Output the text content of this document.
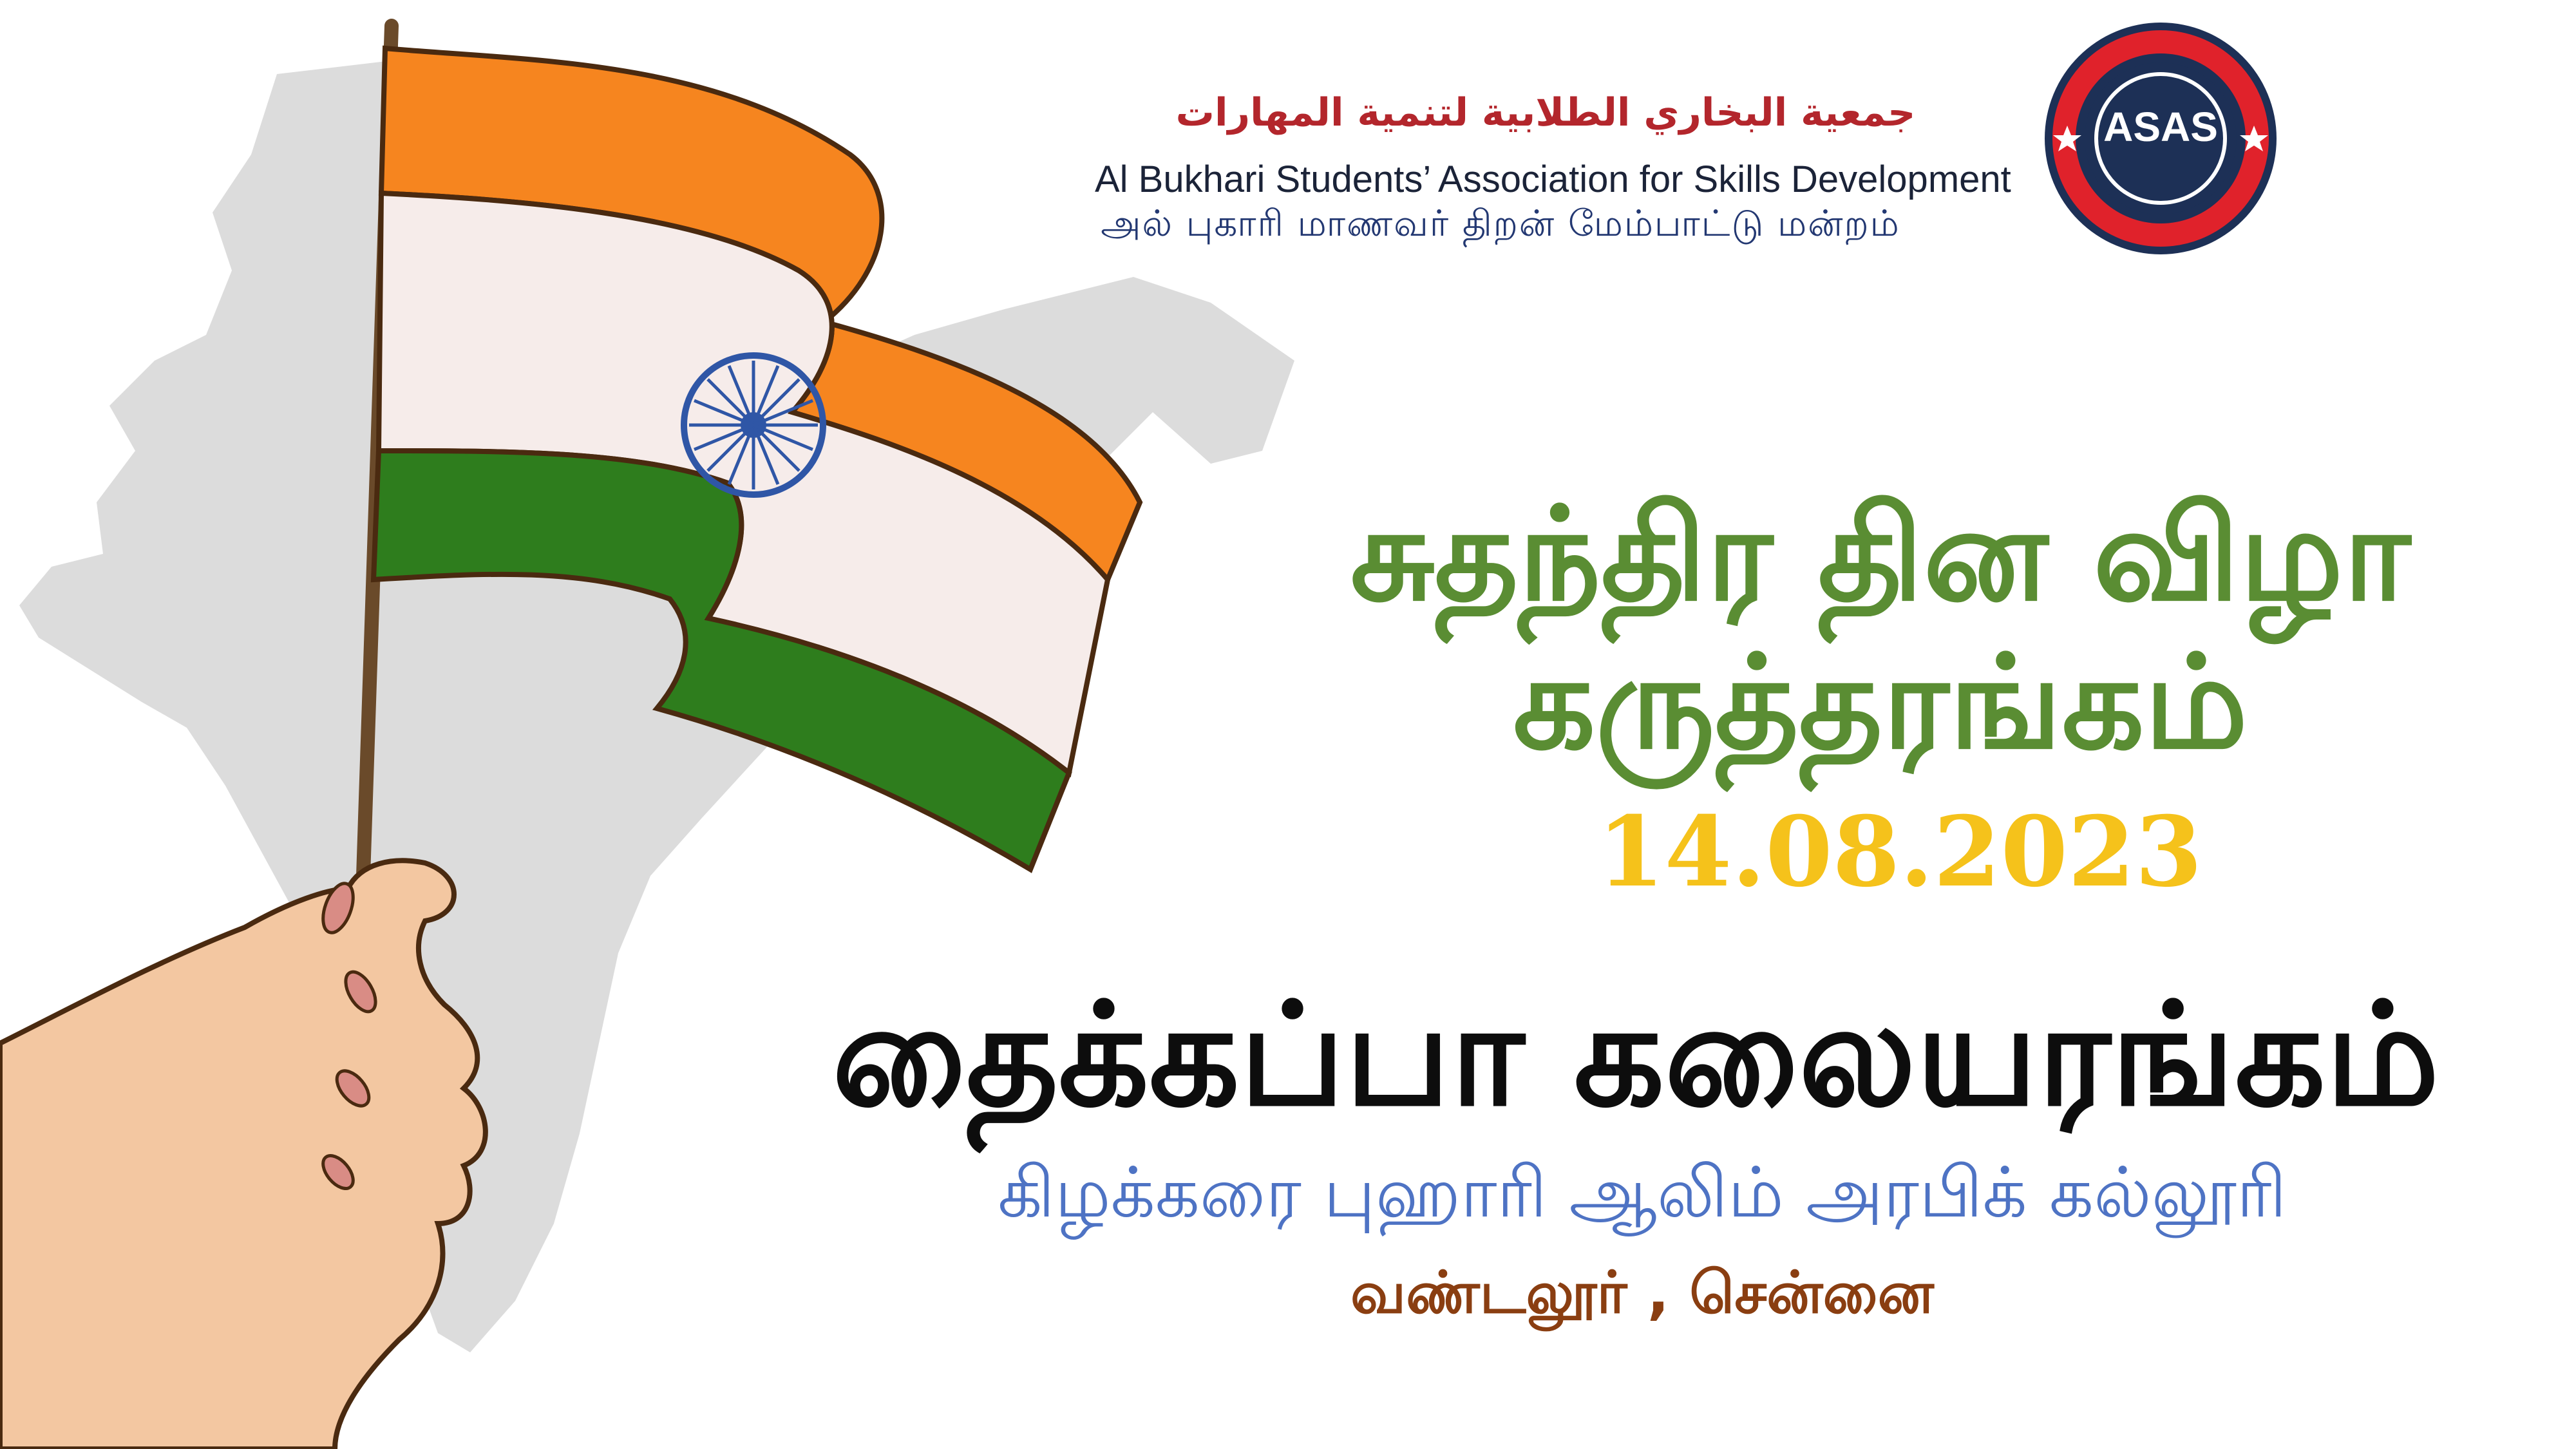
جمعية البخاري الطلابية لتنمية المهارات
Al Bukhari Students’ Association for Skills Development
அல் புகாரி மாணவர் திறன் மேம்பாட்டு மன்றம்
ASAS
சுதந்திர தின விழா
கருத்தரங்கம்
14.08.2023
தைக்கப்பா கலையரங்கம்
கிழக்கரை புஹாரி ஆலிம் அரபிக் கல்லூரி
வண்டலூர் , சென்னை
